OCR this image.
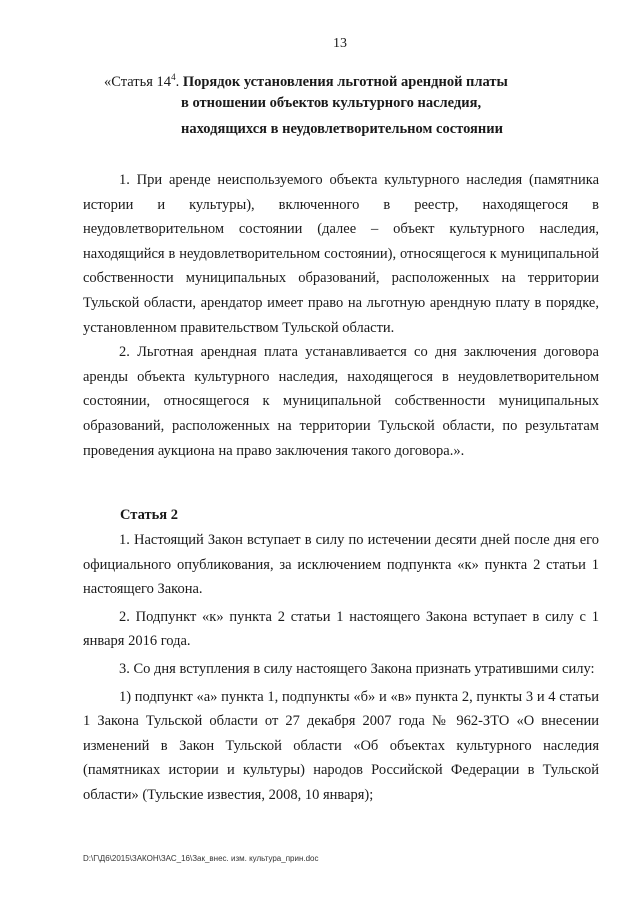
13
«Статья $14^4$. Порядок установления льготной арендной платы
в отношении объектов культурного наследия,
находящихся в неудовлетворительном состоянии

1. При аренде неиспользуемого объекта культурного наследия (памятника истории и культуры), включенного в реестр, находящегося в неудовлетворительном состоянии (далее – объект культурного наследия, находящийся в неудовлетворительном состоянии), относящегося к муниципальной собственности муниципальных образований, расположенных на территории Тульской области, арендатор имеет право на льготную арендную плату в порядке, установленном правительством Тульской области.

2. Льготная арендная плата устанавливается со дня заключения договора аренды объекта культурного наследия, находящегося в неудовлетворительном состоянии, относящегося к муниципальной собственности муниципальных образований, расположенных на территории Тульской области, по результатам проведения аукциона на право заключения такого договора.».

Статья 2

1. Настоящий Закон вступает в силу по истечении десяти дней после дня его официального опубликования, за исключением подпункта «к» пункта 2 статьи 1 настоящего Закона.

2. Подпункт «к» пункта 2 статьи 1 настоящего Закона вступает в силу с 1 января 2016 года.

3. Со дня вступления в силу настоящего Закона признать утратившими силу:

1) подпункт «а» пункта 1, подпункты «б» и «в» пункта 2, пункты 3 и 4 статьи 1 Закона Тульской области от 27 декабря 2007 года № 962-ЗТО «О внесении изменений в Закон Тульской области «Об объектах культурного наследия (памятниках истории и культуры) народов Российской Федерации в Тульской области» (Тульские известия, 2008, 10 января);

D:\Г\Д6\2015\ЗАКОН\ЗАС_16\Зак_внес. изм. культура_прин.doc
